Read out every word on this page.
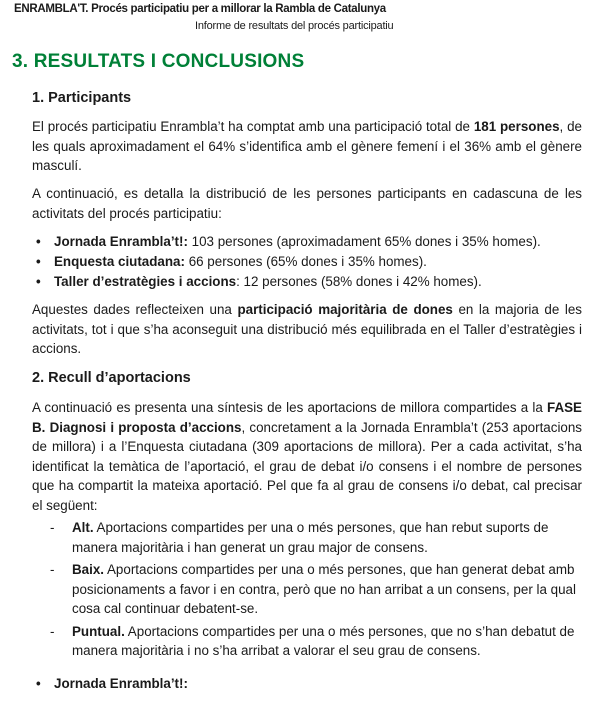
ENRAMBLA'T. Procés participatiu per a millorar la Rambla de Catalunya
Informe de resultats del procés participatiu
3. RESULTATS I CONCLUSIONS
1. Participants

El procés participatiu Enrambla’t ha comptat amb una participació total de 181 persones, de les quals aproximadament el 64% s’identifica amb el gènere femení i el 36% amb el gènere masculí.

A continuació, es detalla la distribució de les persones participants en cadascuna de les activitats del procés participatiu:

• Jornada Enrambla’t!: 103 persones (aproximadament 65% dones i 35% homes).
• Enquesta ciutadana: 66 persones (65% dones i 35% homes).
• Taller d’estratègies i accions: 12 persones (58% dones i 42% homes).

Aquestes dades reflecteixen una participació majoritària de dones en la majoria de les activitats, tot i que s’ha aconseguit una distribució més equilibrada en el Taller d’estratègies i accions.

2. Recull d’aportacions

A continuació es presenta una síntesis de les aportacions de millora compartides a la FASE B. Diagnosi i proposta d’accions, concretament a la Jornada Enrambla’t (253 aportacions de millora) i a l’Enquesta ciutadana (309 aportacions de millora). Per a cada activitat, s’ha identificat la temàtica de l’aportació, el grau de debat i/o consens i el nombre de persones que ha compartit la mateixa aportació. Pel que fa al grau de consens i/o debat, cal precisar el següent:

- Alt. Aportacions compartides per una o més persones, que han rebut suports de manera majoritària i han generat un grau major de consens.
- Baix. Aportacions compartides per una o més persones, que han generat debat amb posicionaments a favor i en contra, però que no han arribat a un consens, per la qual cosa cal continuar debatent-se.
- Puntual. Aportacions compartides per una o més persones, que no s’han debatut de manera majoritària i no s’ha arribat a valorar el seu grau de consens.
• Jornada Enrambla’t!:
